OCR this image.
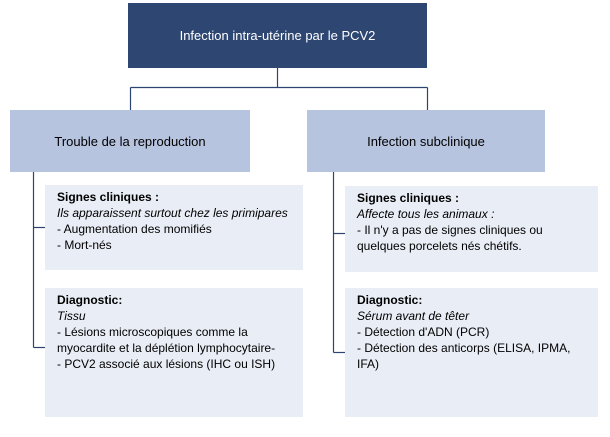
Infection intra-utérine par le PCV2
Trouble de la reproduction	Infection subclinique
Signes cliniques :
Ils apparaissent surtout chez les primipares
- Augmentation des momifiés
- Mort-nés
Diagnostic:
Tissu
- Lésions microscopiques comme la myocardite et la déplétion lymphocytaire-
- PCV2 associé aux lésions (IHC ou ISH)
Signes cliniques :
Affecte tous les animaux :
- Il n'y a pas de signes cliniques ou quelques porcelets nés chétifs.
Diagnostic:
Sérum avant de têter
- Détection d'ADN (PCR)
- Détection des anticorps (ELISA, IPMA, IFA)
